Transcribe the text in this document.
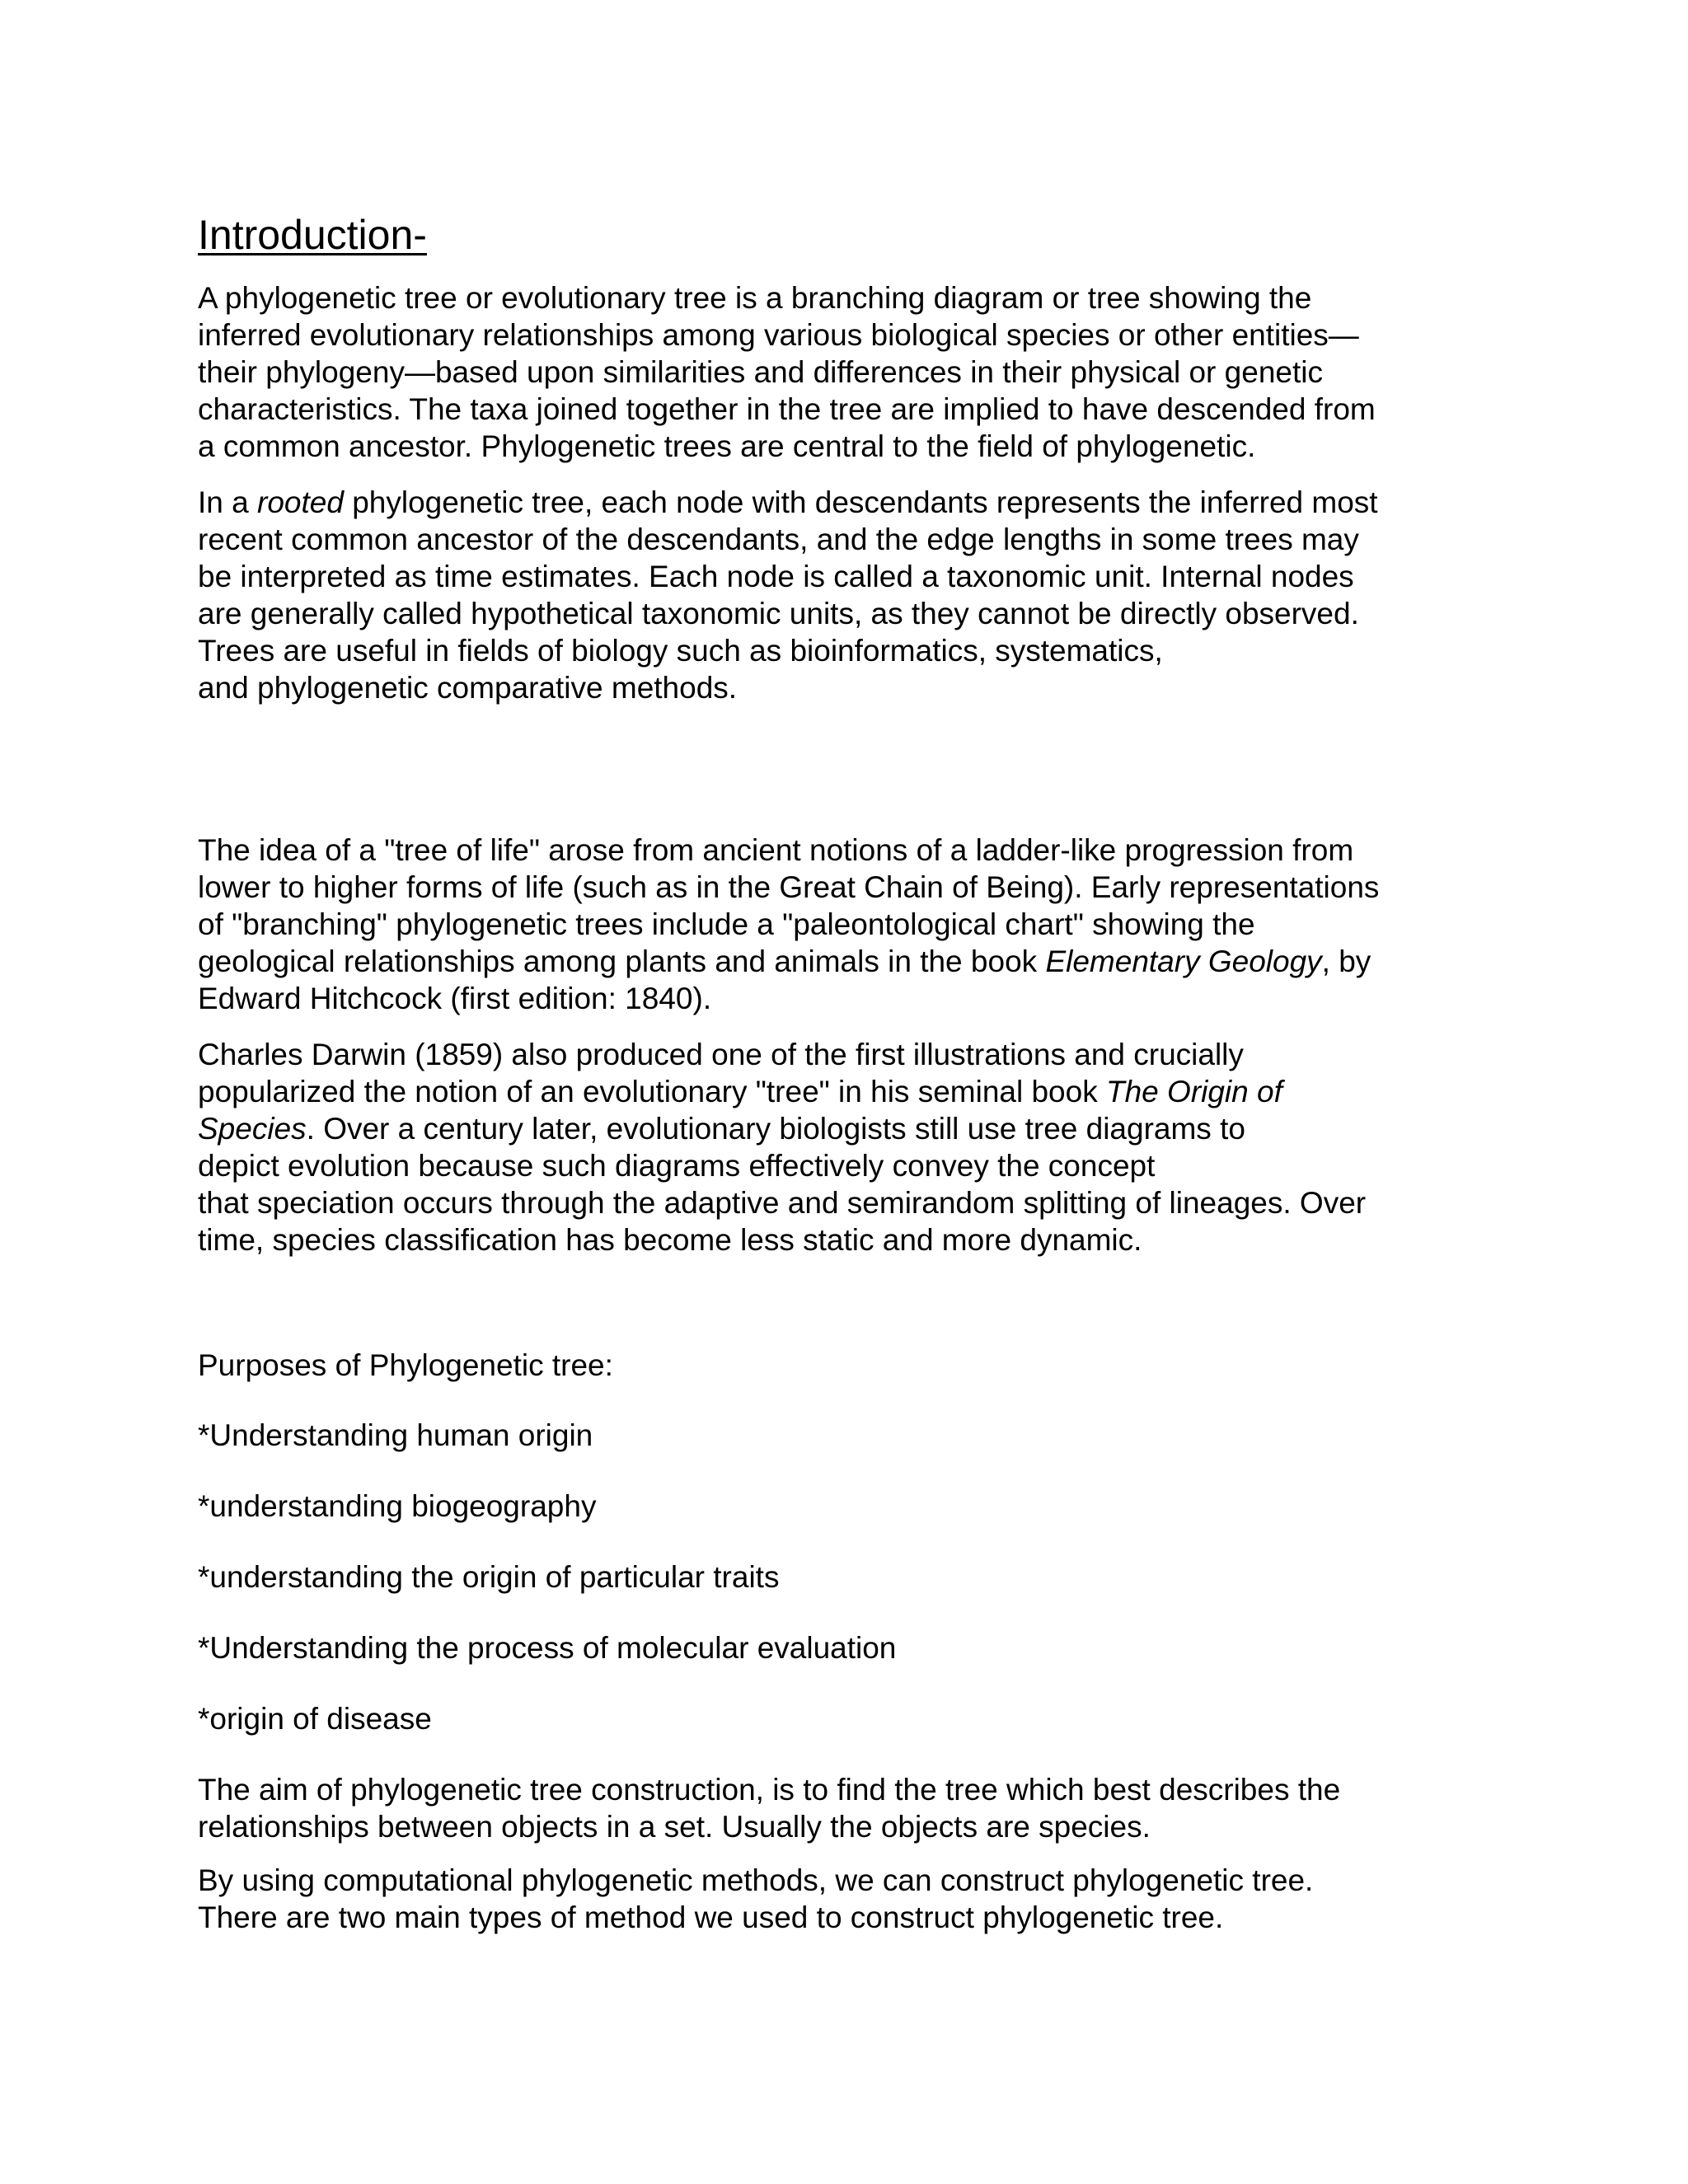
Introduction-

A phylogenetic tree or evolutionary tree is a branching diagram or tree showing the

inferred evolutionary relationships among various biological species or other entities—

their phylogeny—based upon similarities and differences in their physical or genetic

characteristics. The taxa joined together in the tree are implied to have descended from

a common ancestor. Phylogenetic trees are central to the field of phylogenetic.

In a rooted phylogenetic tree, each node with descendants represents the inferred most

recent common ancestor of the descendants, and the edge lengths in some trees may

be interpreted as time estimates. Each node is called a taxonomic unit. Internal nodes

are generally called hypothetical taxonomic units, as they cannot be directly observed.

Trees are useful in fields of biology such as bioinformatics, systematics,

and phylogenetic comparative methods.

The idea of a "tree of life" arose from ancient notions of a ladder-like progression from

lower to higher forms of life (such as in the Great Chain of Being). Early representations

of "branching" phylogenetic trees include a "paleontological chart" showing the

geological relationships among plants and animals in the book Elementary Geology, by

Edward Hitchcock (first edition: 1840).

Charles Darwin (1859) also produced one of the first illustrations and crucially

popularized the notion of an evolutionary "tree" in his seminal book The Origin of

Species. Over a century later, evolutionary biologists still use tree diagrams to

depict evolution because such diagrams effectively convey the concept

that speciation occurs through the adaptive and semirandom splitting of lineages. Over

time, species classification has become less static and more dynamic.

Purposes of Phylogenetic tree:

*Understanding human origin

*understanding biogeography

*understanding the origin of particular traits

*Understanding the process of molecular evaluation

*origin of disease

The aim of phylogenetic tree construction, is to find the tree which best describes the

relationships between objects in a set. Usually the objects are species.

By using computational phylogenetic methods, we can construct phylogenetic tree.

There are two main types of method we used to construct phylogenetic tree.
